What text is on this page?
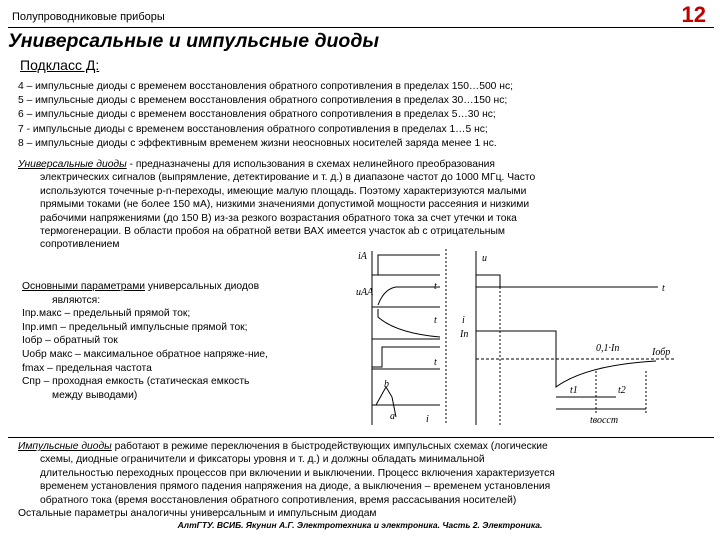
Полупроводниковые приборы	12
Универсальные и импульсные диоды
Подкласс Д:
4 – импульсные диоды с временем восстановления обратного сопротивления в пределах 150…500 нс;
5 – импульсные диоды с временем восстановления обратного сопротивления в пределах 30…150 нс;
6 – импульсные диоды с временем восстановления обратного сопротивления в пределах 5…30 нс;
7 - импульсные диоды с временем восстановления обратного сопротивления в пределах 1…5 нс;
8 – импульсные диоды с эффективным временем жизни неосновных носителей заряда менее 1 нс.
Универсальные диоды - предназначены для использования в схемах нелинейного преобразования
электрических сигналов (выпрямление, детектирование и т. д.) в диапазоне частот до 1000 МГц. Часто
используются точечные p-n-переходы, имеющие малую площадь. Поэтому характеризуются малыми
прямыми токами (не более 150 мА), низкими значениями допустимой мощности рассеяния и низкими
рабочими напряжениями (до 150 В) из-за резкого возрастания обратного тока за счет утечки и тока
термогенерации. В области пробоя на обратной ветви ВАХ имеется участок ab с отрицательным
сопротивлением
Основными параметрами универсальных диодов
являются:
Iпр.макс – предельный прямой ток;
Iпр.имп – предельный импульсные прямой ток;
Iобр – обратный ток
Uобр макс – максимальное обратное напряже-ние,
fmax – предельная частота
Спр – проходная емкость (статическая емкость
между выводами)
iA
uАА
t
t
t
i
а
b
u
t
i
Iп
0,1·Iп	Iобр
t1	t2
tвосст
Импульсные диоды работают в режиме переключения в быстродействующих импульсных схемах (логические
схемы, диодные ограничители и фиксаторы уровня и т. д.) и должны обладать минимальной
длительностью переходных процессов при включении и выключении. Процесс включения характеризуется
временем установления прямого падения напряжения на диоде, а выключения – временем установления
обратного тока (время восстановления обратного сопротивления, время рассасывания носителей)
Остальные параметры аналогичны универсальным и импульсным диодам
АлтГТУ. ВСИБ. Якунин А.Г. Электротехника и электроника. Часть 2. Электроника.
